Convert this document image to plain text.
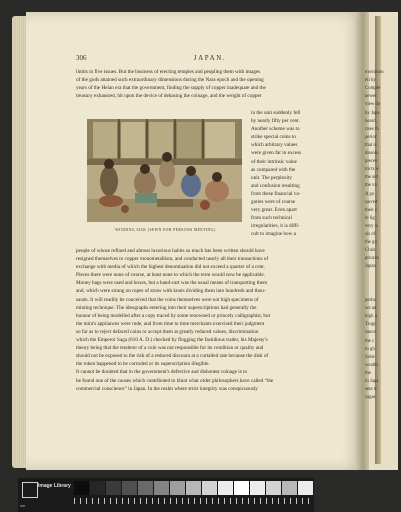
306	JAPAN.
limits in five issues. But the business of erecting temples and peopling them with images
of the gods attained such extraordinary dimensions during the Nara epoch and the opening
years of the Heian era that the government, finding the supply of copper inadequate and the
treasury exhausted, hit upon the device of debasing the coinage, and the weight of copper
WINDING SILK (SEWN FOR PERSONS MEETING).
in the unit suddenly fell
by nearly fifty per cent.
Another scheme was to
strike special coins to
which arbitrary values
were given far in excess
of their intrinsic value
as compared with the
unit. The perplexity
and confusion resulting
from these financial va-
garies were of course
very great. Even apart
from such technical
irregularities, it is diffi-
cult to imagine how a
people of whose refined and almost luxurious habits so much has been written should have
resigned themselves to copper monometallism, and conducted nearly all their transactions of
exchange with media of which the highest denomination did not exceed a quarter of a cent.
Pieces there were none of course, at least none to which the term would now be applicable.
Money bags were used and boxes, but a hand-cart was the usual means of transporting them
and, which were strung on ropes of straw with knots dividing them into hundreds and thou-
sands. It will readily be conceived that the coins themselves were not high specimens of
minting technique. The ideographs entering into their superscriptions had generally the
honour of being modelled after a copy traced by some renowned or princely calligraphist, but
the mint's appliances were rude, and from time to time merchants exercised their judgment
so far as to reject defaced coins or accept them at greatly reduced values, discrimination
which the Emperor Saga (810 A. D.) checked by flogging the fastidious trader, his Majesty's
theory being that the tenderer of a coin was not responsible for its condition or quality and
should not be exposed to the risk of a reduced discount at a curtailed rate because the disk of
the token happened to be corroded or its superscription illegible.
It cannot be doubted that in the government's defective and dishonest coinage is to
be found one of the causes which contributed to blunt what older philosophers have called “the
commercial conscience” in Japan. In the realm where strict integrity was conspicuously
execution
eli by
Comple
newer
view do
by Japa
heard,
rises th
perior
that is
dissolu
pieces
tricts w
the aid
the va
A go
sacred
their c
le lig
very w
sis of
the go
Chris
princes
Japan
perba
we an
high a
Tsugr
sance
the c
to gh
Sobe
wealth
the
in Japa
sent tr
sagas
Image Library
cm
